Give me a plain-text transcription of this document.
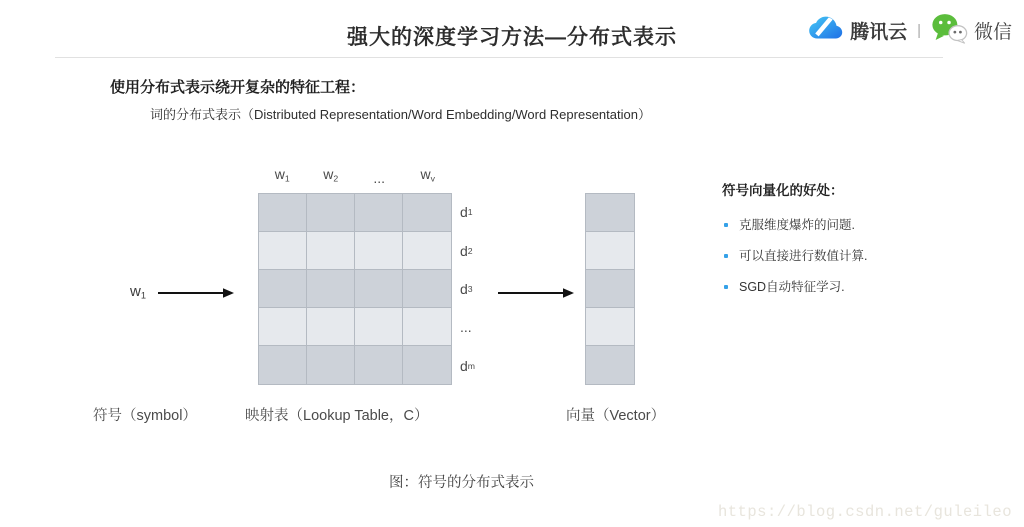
强大的深度学习方法—分布式表示	腾讯云 |	微信

使用分布式表示绕开复杂的特征工程：

词的分布式表示（Distributed Representation/Word Embedding/Word Representation）

$w_1$
$w_1$	$w_2$	...	$w_v$
d 1
d 2
d 3
...
d m
符号（symbol）	映射表（Lookup Table，C）	向量（Vector）
符号向量化的好处：
克服维度爆炸的问题.
可以直接进行数值计算.
SGD自动特征学习.
图：符号的分布式表示
https://blog.csdn.net/guleileo
